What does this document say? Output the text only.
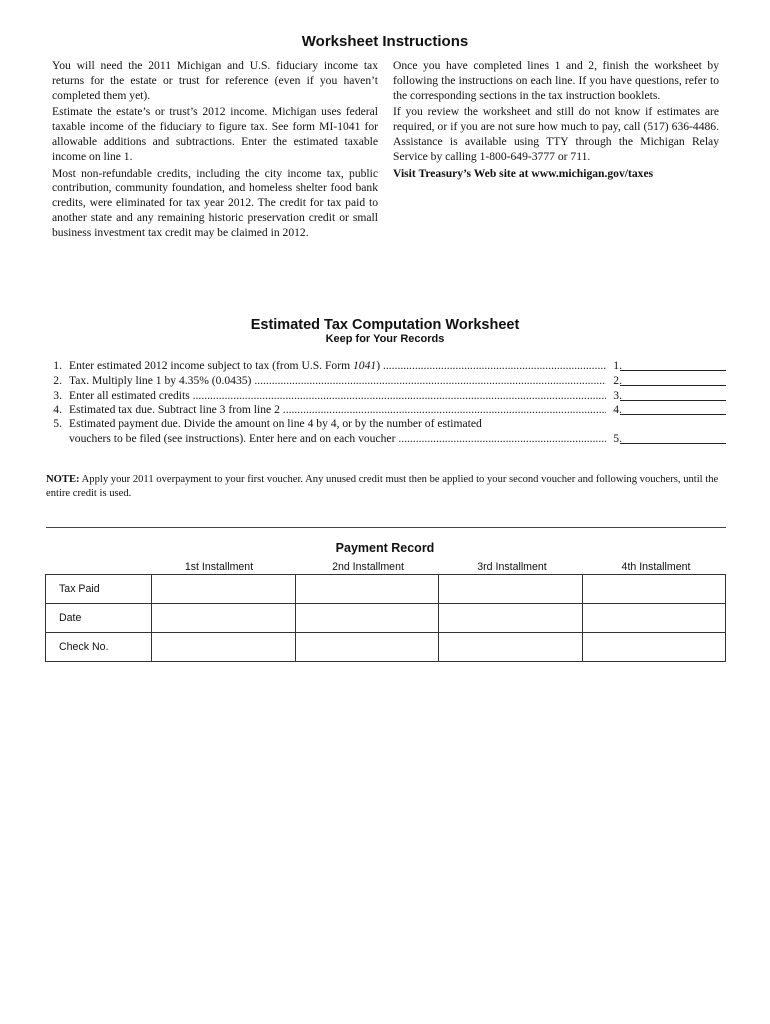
Worksheet Instructions

You will need the 2011 Michigan and U.S. fiduciary income tax returns for the estate or trust for reference (even if you haven’t completed them yet).

Estimate the estate’s or trust’s 2012 income. Michigan uses federal taxable income of the fiduciary to figure tax. See form MI-1041 for allowable additions and subtractions. Enter the estimated taxable income on line 1.

Most non-refundable credits, including the city income tax, public contribution, community foundation, and homeless shelter food bank credits, were eliminated for tax year 2012. The credit for tax paid to another state and any remaining historic preservation credit or small business investment tax credit may be claimed in 2012.

Once you have completed lines 1 and 2, finish the worksheet by following the instructions on each line. If you have questions, refer to the corresponding sections in the tax instruction booklets.

If you review the worksheet and still do not know if estimates are required, or if you are not sure how much to pay, call (517) 636-4486. Assistance is available using TTY through the Michigan Relay Service by calling 1-800-649-3777 or 711.

Visit Treasury’s Web site at www.michigan.gov/taxes

Estimated Tax Computation Worksheet
Keep for Your Records
1. Enter estimated 2012 income subject to tax (from U.S. Form 1041) .....	1.
2. Tax. Multiply line 1 by 4.35% (0.0435) .....	2.
3. Enter all estimated credits .....	3.
4. Estimated tax due. Subtract line 3 from line 2 .....	4.
5. Estimated payment due. Divide the amount on line 4 by 4, or by the number of estimated
vouchers to be filed (see instructions). Enter here and on each voucher .....	5.
NOTE: Apply your 2011 overpayment to your first voucher. Any unused credit must then be applied to your second voucher and following vouchers, until the entire credit is used.
Payment Record
1st Installment	2nd Installment	3rd Installment	4th Installment
Tax Paid				
Date				
Check No.				
